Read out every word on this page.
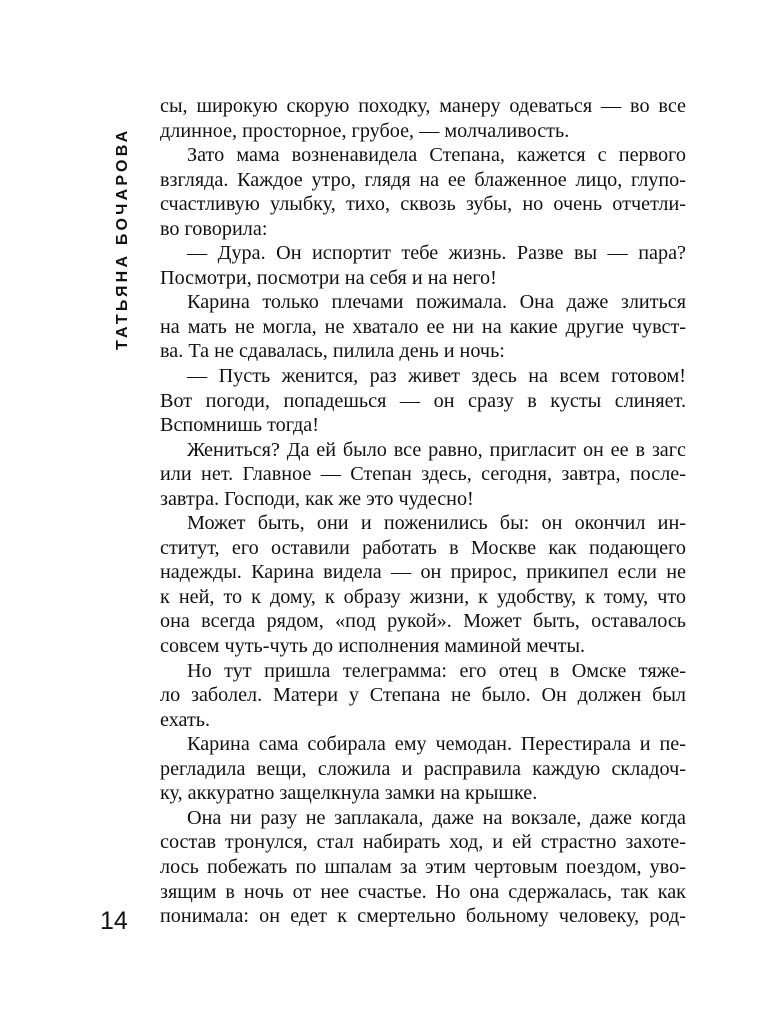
ТАТЬЯНА БОЧАРОВА
сы, широкую скорую походку, манеру одеваться — во все
длинное, просторное, грубое, — молчаливость.
Зато мама возненавидела Степана, кажется с первого
взгляда. Каждое утро, глядя на ее блаженное лицо, глупо-
счастливую улыбку, тихо, сквозь зубы, но очень отчетли-
во говорила:
— Дура. Он испортит тебе жизнь. Разве вы — пара?
Посмотри, посмотри на себя и на него!
Карина только плечами пожимала. Она даже злиться
на мать не могла, не хватало ее ни на какие другие чувст-
ва. Та не сдавалась, пилила день и ночь:
— Пусть женится, раз живет здесь на всем готовом!
Вот погоди, попадешься — он сразу в кусты слиняет.
Вспомнишь тогда!
Жениться? Да ей было все равно, пригласит он ее в загс
или нет. Главное — Степан здесь, сегодня, завтра, после-
завтра. Господи, как же это чудесно!
Может быть, они и поженились бы: он окончил ин-
ститут, его оставили работать в Москве как подающего
надежды. Карина видела — он прирос, прикипел если не
к ней, то к дому, к образу жизни, к удобству, к тому, что
она всегда рядом, «под рукой». Может быть, оставалось
совсем чуть-чуть до исполнения маминой мечты.
Но тут пришла телеграмма: его отец в Омске тяже-
ло заболел. Матери у Степана не было. Он должен был
ехать.
Карина сама собирала ему чемодан. Перестирала и пе-
регладила вещи, сложила и расправила каждую складоч-
ку, аккуратно защелкнула замки на крышке.
Она ни разу не заплакала, даже на вокзале, даже когда
состав тронулся, стал набирать ход, и ей страстно захоте-
лось побежать по шпалам за этим чертовым поездом, уво-
зящим в ночь от нее счастье. Но она сдержалась, так как
понимала: он едет к смертельно больному человеку, род-
14
